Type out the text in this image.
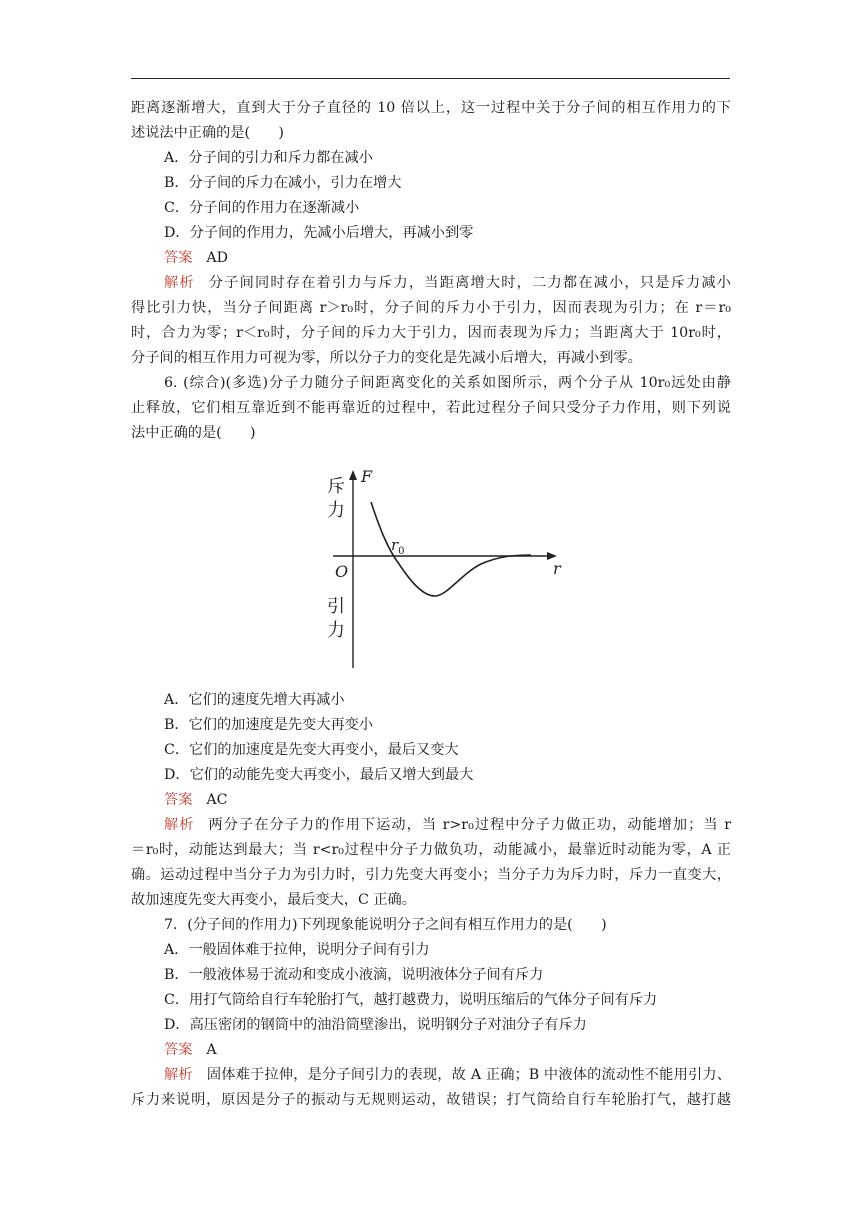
距离逐渐增大，直到大于分子直径的 10 倍以上，这一过程中关于分子间的相互作用力的下
述说法中正确的是(　　)
A．分子间的引力和斥力都在减小
B．分子间的斥力在减小，引力在增大
C．分子间的作用力在逐渐减小
D．分子间的作用力，先减小后增大，再减小到零
答案 AD
解析 分子间同时存在着引力与斥力，当距离增大时，二力都在减小，只是斥力减小
得比引力快，当分子间距离 r＞r₀时，分子间的斥力小于引力，因而表现为引力；在 r＝r₀
时，合力为零；r＜r₀时，分子间的斥力大于引力，因而表现为斥力；当距离大于 10r₀时，
分子间的相互作用力可视为零，所以分子力的变化是先减小后增大，再减小到零。
6. (综合)(多选)分子力随分子间距离变化的关系如图所示，两个分子从 10r₀远处由静
止释放，它们相互靠近到不能再靠近的过程中，若此过程分子间只受分子力作用，则下列说
法中正确的是(　　)
斥
力
引
力
F
r
O
$r_0$
A．它们的速度先增大再减小
B．它们的加速度是先变大再变小
C．它们的加速度是先变大再变小，最后又变大
D．它们的动能先变大再变小，最后又增大到最大
答案 AC
解析 两分子在分子力的作用下运动，当 r>r₀过程中分子力做正功，动能增加；当 r
＝r₀时，动能达到最大；当 r<r₀过程中分子力做负功，动能减小，最靠近时动能为零，A 正
确。运动过程中当分子力为引力时，引力先变大再变小；当分子力为斥力时，斥力一直变大，
故加速度先变大再变小，最后变大，C 正确。
7．(分子间的作用力)下列现象能说明分子之间有相互作用力的是(　　)
A．一般固体难于拉伸，说明分子间有引力
B．一般液体易于流动和变成小液滴，说明液体分子间有斥力
C．用打气筒给自行车轮胎打气，越打越费力，说明压缩后的气体分子间有斥力
D．高压密闭的钢筒中的油沿筒壁渗出，说明钢分子对油分子有斥力
答案 A
解析 固体难于拉伸，是分子间引力的表现，故 A 正确；B 中液体的流动性不能用引力、
斥力来说明，原因是分子的振动与无规则运动，故错误；打气筒给自行车轮胎打气，越打越
